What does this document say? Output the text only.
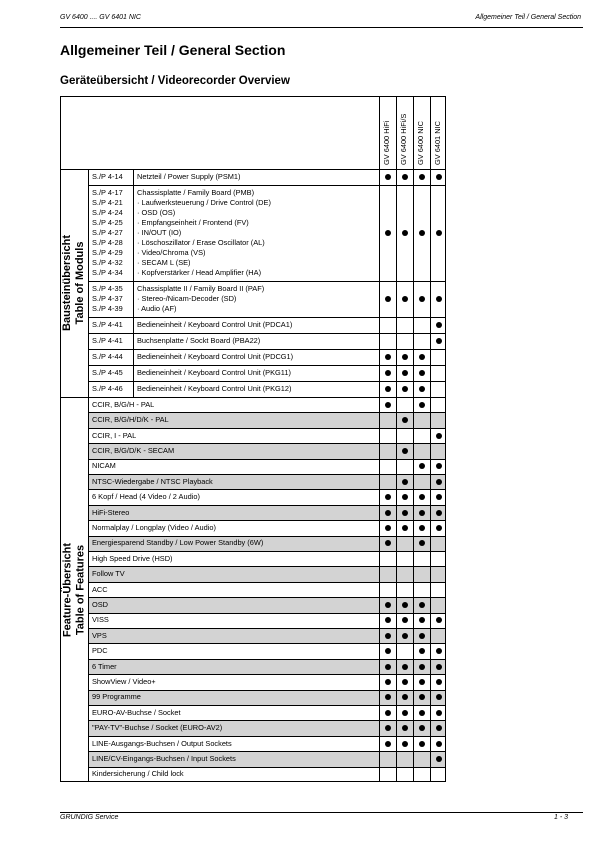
GV 6400 .... GV 6401 NIC	Allgemeiner Teil / General Section
Allgemeiner Teil / General Section
Geräteübersicht / Videorecorder Overview
GV 6400 HiFi GV 6400 HiFi/S GV 6400 NIC GV 6401 NIC
Bausteinübersicht Table of Moduls
Feature-Übersicht Table of Features
S./P 4-14 Netzteil / Power Supply (PSM1)
S./P 4-17
S./P 4-21
S./P 4-24
S./P 4-25
S./P 4-27
S./P 4-28
S./P 4-29
S./P 4-32
S./P 4-34
Chassisplatte / Family Board (PMB)
· Laufwerksteuerung / Drive Control (DE)
· OSD (OS)
· Empfangseinheit / Frontend (FV)
· IN/OUT (IO)
· Löschoszillator / Erase Oscillator (AL)
· Video/Chroma (VS)
· SECAM L (SE)
· Kopfverstärker / Head Amplifier (HA)
S./P 4-35
S./P 4-37
S./P 4-39
Chassisplatte II / Family Board II (PAF)
· Stereo-/Nicam-Decoder (SD)
· Audio (AF)
S./P 4-41 Bedieneinheit / Keyboard Control Unit (PDCA1)
S./P 4-41 Buchsenplatte / Sockt Board (PBA22)
S./P 4-44 Bedieneinheit / Keyboard Control Unit (PDCG1)
S./P 4-45 Bedieneinheit / Keyboard Control Unit (PKG11)
S./P 4-46 Bedieneinheit / Keyboard Control Unit (PKG12)
CCIR, B/G/H - PAL
CCIR, B/G/H/D/K - PAL
CCIR, I - PAL
CCIR, B/G/D/K - SECAM
NICAM
NTSC-Wiedergabe / NTSC Playback
6 Kopf / Head (4 Video / 2 Audio)
HiFi-Stereo
Normalplay / Longplay (Video / Audio)
Energiesparend Standby / Low Power Standby (6W)
High Speed Drive (HSD)
Follow TV
ACC
OSD
VISS
VPS
PDC
6 Timer
ShowView / Video+
99 Programme
EURO-AV-Buchse / Socket
"PAY-TV"-Buchse / Socket (EURO-AV2)
LINE-Ausgangs-Buchsen / Output Sockets
LINE/CV-Eingangs-Buchsen / Input Sockets
Kindersicherung / Child lock
GRUNDIG Service	1 - 3
